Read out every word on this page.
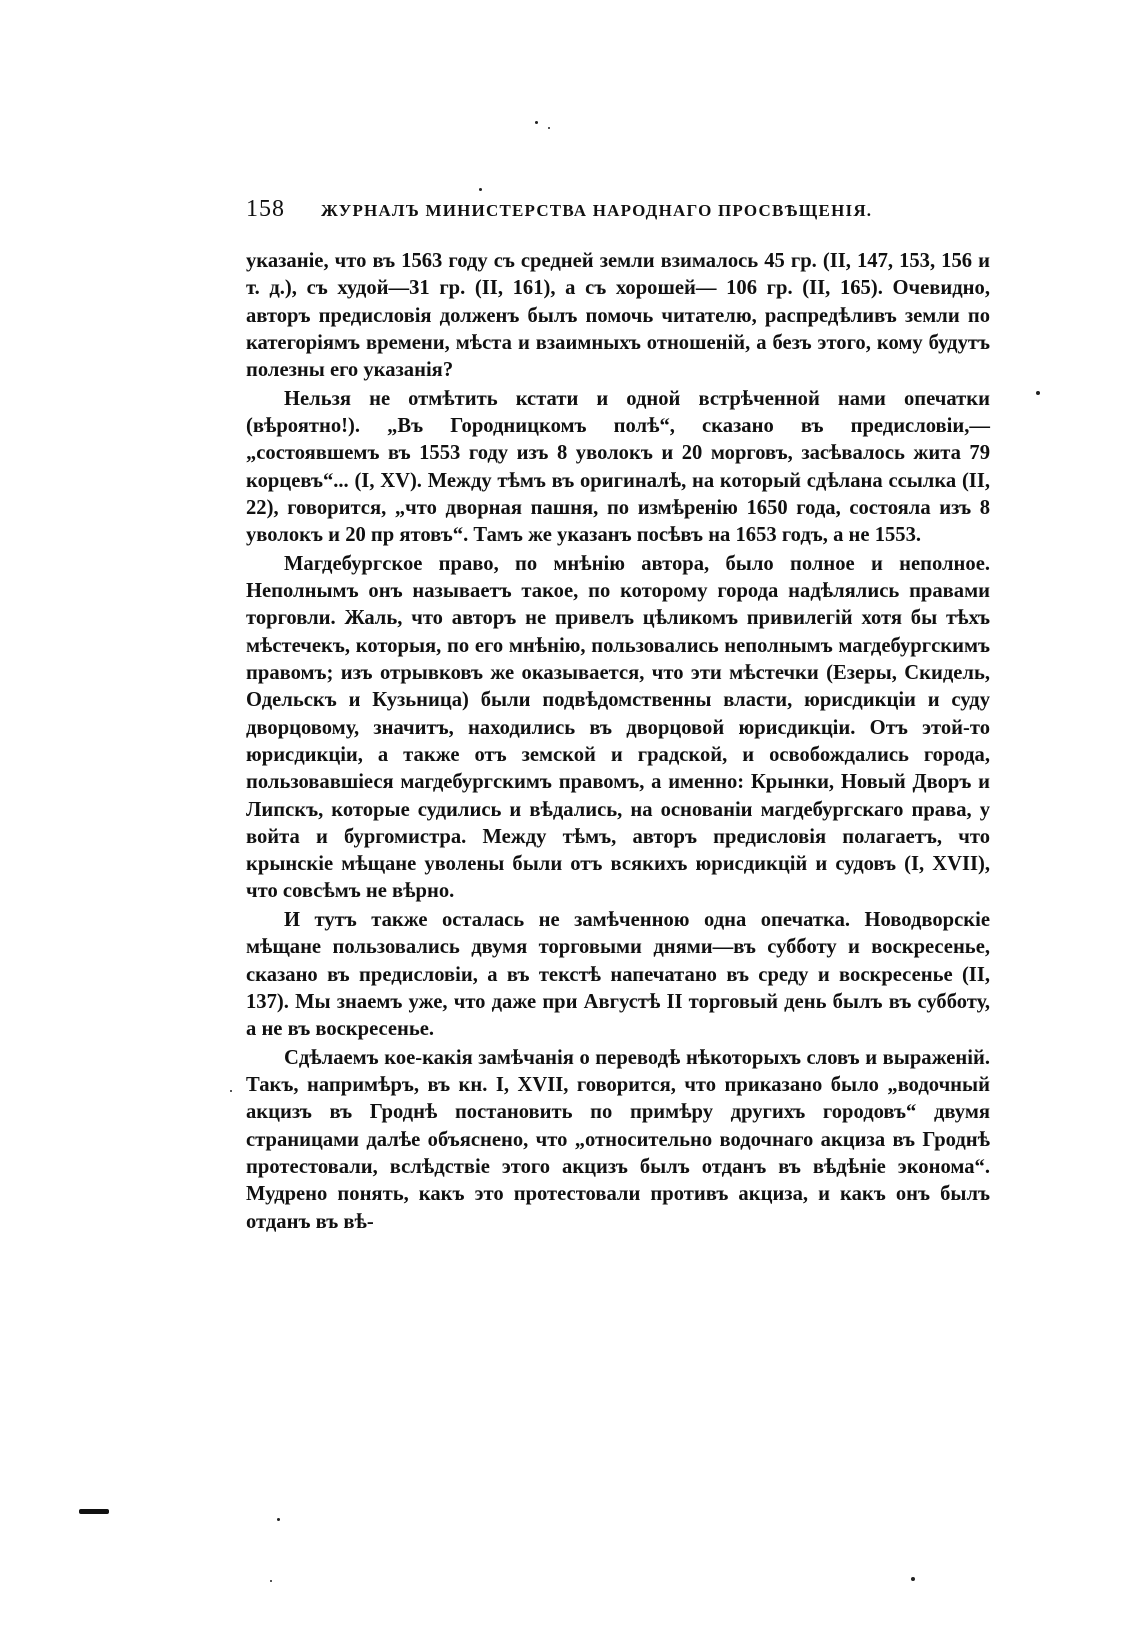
158 ЖУРНАЛЪ МИНИСТЕРСТВА НАРОДНАГО ПРОСВѢЩЕНІЯ.

указаніе, что въ 1563 году съ средней земли взималось 45 гр. (II, 147, 153, 156 и т. д.), съ худой—31 гр. (II, 161), а съ хорошей— 106 гр. (II, 165). Очевидно, авторъ предисловія долженъ былъ помочь читателю, распредѣливъ земли по категоріямъ времени, мѣста и взаимныхъ отношеній, а безъ этого, кому будутъ полезны его указанія?

Нельзя не отмѣтить кстати и одной встрѣченной нами опечатки (вѣроятно!). „Въ Городницкомъ полѣ“, сказано въ предисловіи,—„состоявшемъ въ 1553 году изъ 8 уволокъ и 20 морговъ, засѣвалось жита 79 корцевъ“... (I, XV). Между тѣмъ въ оригиналѣ, на который сдѣлана ссылка (II, 22), говорится, „что дворная пашня, по измѣренію 1650 года, состояла изъ 8 уволокъ и 20 пр ятовъ“. Тамъ же указанъ посѣвъ на 1653 годъ, а не 1553.

Магдебургское право, по мнѣнію автора, было полное и неполное. Неполнымъ онъ называетъ такое, по которому города надѣлялись правами торговли. Жаль, что авторъ не привелъ цѣликомъ привилегій хотя бы тѣхъ мѣстечекъ, которыя, по его мнѣнію, пользовались неполнымъ магдебургскимъ правомъ; изъ отрывковъ же оказывается, что эти мѣстечки (Езеры, Скидель, Одельскъ и Кузьница) были подвѣдомственны власти, юрисдикціи и суду дворцовому, значитъ, находились въ дворцовой юрисдикціи. Отъ этой-то юрисдикціи, а также отъ земской и градской, и освобождались города, пользовавшіеся магдебургскимъ правомъ, а именно: Крынки, Новый Дворъ и Липскъ, которые судились и вѣдались, на основаніи магдебургскаго права, у войта и бургомистра. Между тѣмъ, авторъ предисловія полагаетъ, что крынскіе мѣщане уволены были отъ всякихъ юрисдикцій и судовъ (I, XVII), что совсѣмъ не вѣрно.

И тутъ также осталась не замѣченною одна опечатка. Новодворскіе мѣщане пользовались двумя торговыми днями—въ субботу и воскресенье, сказано въ предисловіи, а въ текстѣ напечатано въ среду и воскресенье (II, 137). Мы знаемъ уже, что даже при Августѣ II торговый день былъ въ субботу, а не въ воскресенье.

Сдѣлаемъ кое-какія замѣчанія о переводѣ нѣкоторыхъ словъ и выраженій. Такъ, напримѣръ, въ кн. I, XVII, говорится, что приказано было „водочный акцизъ въ Гроднѣ постановить по примѣру другихъ городовъ“ двумя страницами далѣе объяснено, что „относительно водочнаго акциза въ Гроднѣ протестовали, вслѣдствіе этого акцизъ былъ отданъ въ вѣдѣніе эконома“. Мудрено понять, какъ это протестовали противъ акциза, и какъ онъ былъ отданъ въ вѣ-
